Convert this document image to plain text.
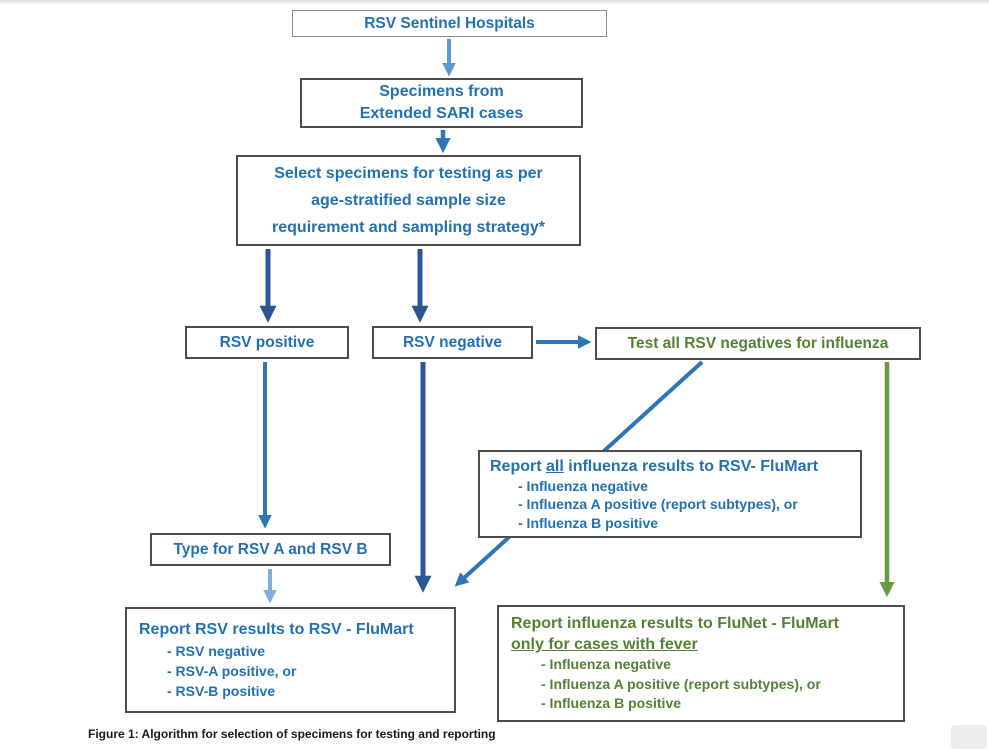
RSV Sentinel Hospitals
Specimens from
Extended SARI cases
Select specimens for testing as per
age-stratified sample size
requirement and sampling strategy*
RSV positive	RSV negative	Test all RSV negatives for influenza
Report all influenza results to RSV- FluMart
- Influenza negative
- Influenza A positive (report subtypes), or
- Influenza B positive
Type for RSV A and RSV B
Report RSV results to RSV - FluMart
- RSV negative
- RSV-A positive, or
- RSV-B positive
Report influenza results to FluNet - FluMart
only for cases with fever
- Influenza negative
- Influenza A positive (report subtypes), or
- Influenza B positive
Figure 1: Algorithm for selection of specimens for testing and reporting
